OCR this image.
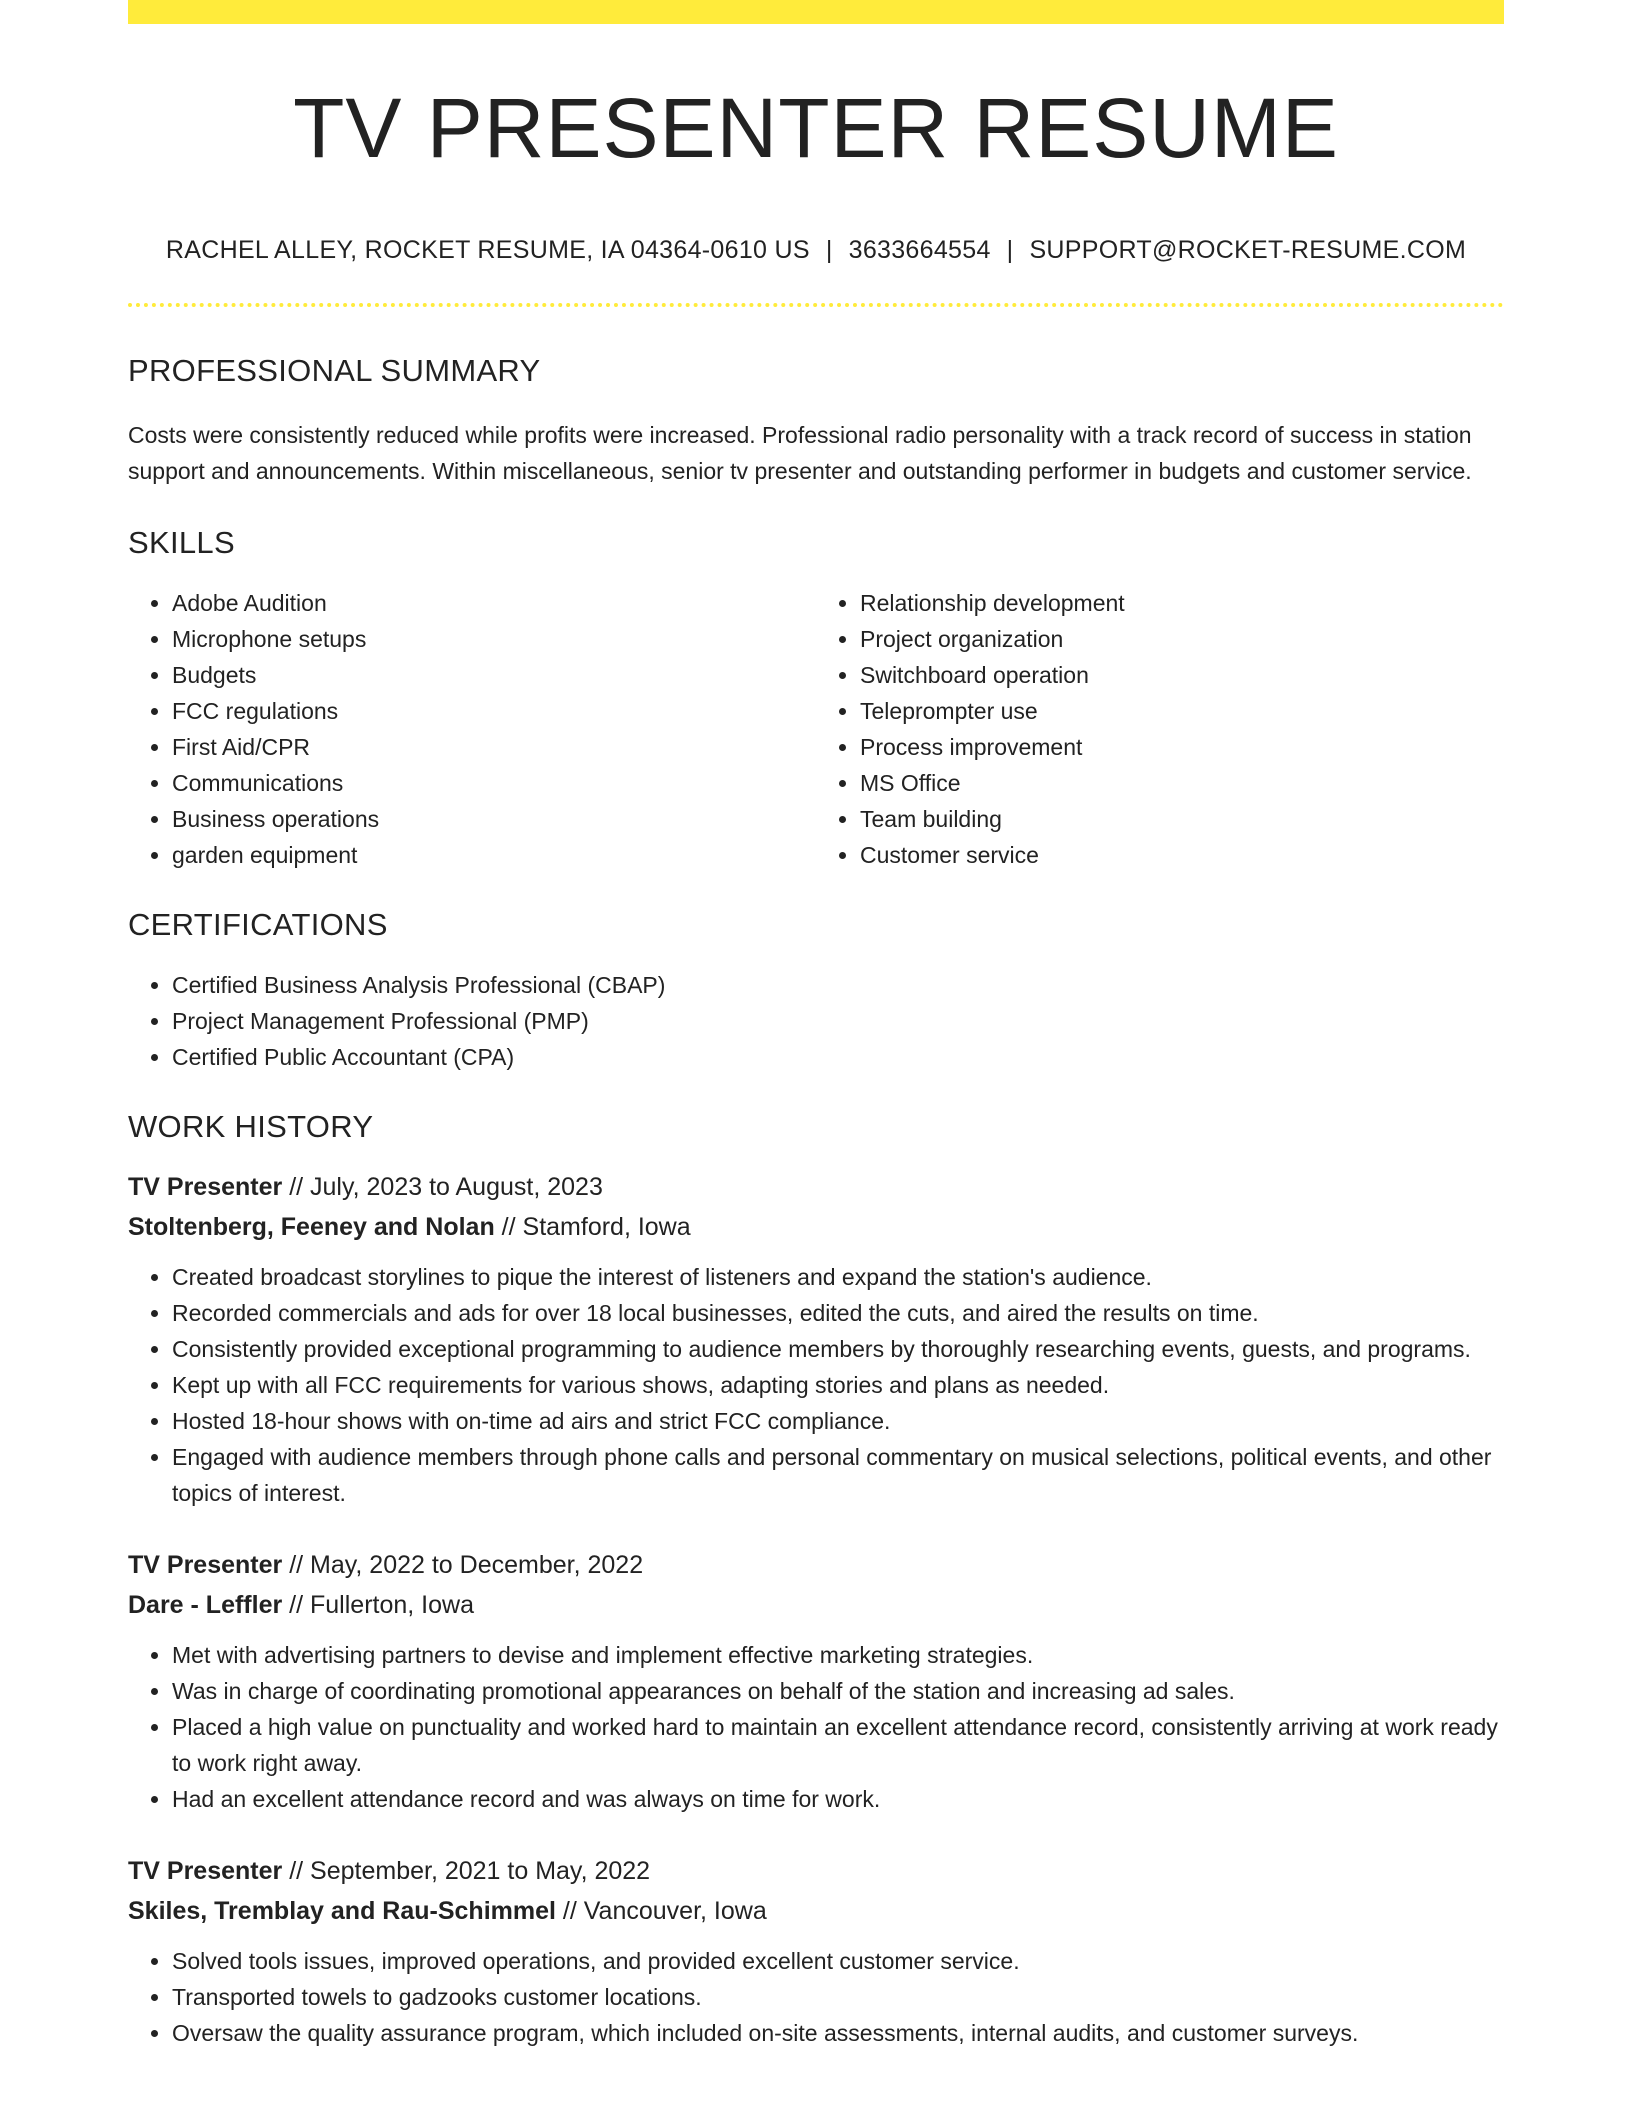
TV PRESENTER RESUME
RACHEL ALLEY, ROCKET RESUME, IA 04364-0610 US | 3633664554 | SUPPORT@ROCKET-RESUME.COM
PROFESSIONAL SUMMARY

Costs were consistently reduced while profits were increased. Professional radio personality with a track record of success in station support and announcements. Within miscellaneous, senior tv presenter and outstanding performer in budgets and customer service.

SKILLS
• Adobe Audition
• Microphone setups
• Budgets
• FCC regulations
• First Aid/CPR
• Communications
• Business operations
• garden equipment
• Relationship development
• Project organization
• Switchboard operation
• Teleprompter use
• Process improvement
• MS Office
• Team building
• Customer service
CERTIFICATIONS
• Certified Business Analysis Professional (CBAP)
• Project Management Professional (PMP)
• Certified Public Accountant (CPA)
WORK HISTORY
TV Presenter // July, 2023 to August, 2023
Stoltenberg, Feeney and Nolan // Stamford, Iowa
• Created broadcast storylines to pique the interest of listeners and expand the station's audience.
• Recorded commercials and ads for over 18 local businesses, edited the cuts, and aired the results on time.
• Consistently provided exceptional programming to audience members by thoroughly researching events, guests, and programs.
• Kept up with all FCC requirements for various shows, adapting stories and plans as needed.
• Hosted 18-hour shows with on-time ad airs and strict FCC compliance.
• Engaged with audience members through phone calls and personal commentary on musical selections, political events, and other topics of interest.
TV Presenter // May, 2022 to December, 2022
Dare - Leffler // Fullerton, Iowa
• Met with advertising partners to devise and implement effective marketing strategies.
• Was in charge of coordinating promotional appearances on behalf of the station and increasing ad sales.
• Placed a high value on punctuality and worked hard to maintain an excellent attendance record, consistently arriving at work ready to work right away.
• Had an excellent attendance record and was always on time for work.
TV Presenter // September, 2021 to May, 2022
Skiles, Tremblay and Rau-Schimmel // Vancouver, Iowa
• Solved tools issues, improved operations, and provided excellent customer service.
• Transported towels to gadzooks customer locations.
• Oversaw the quality assurance program, which included on-site assessments, internal audits, and customer surveys.
